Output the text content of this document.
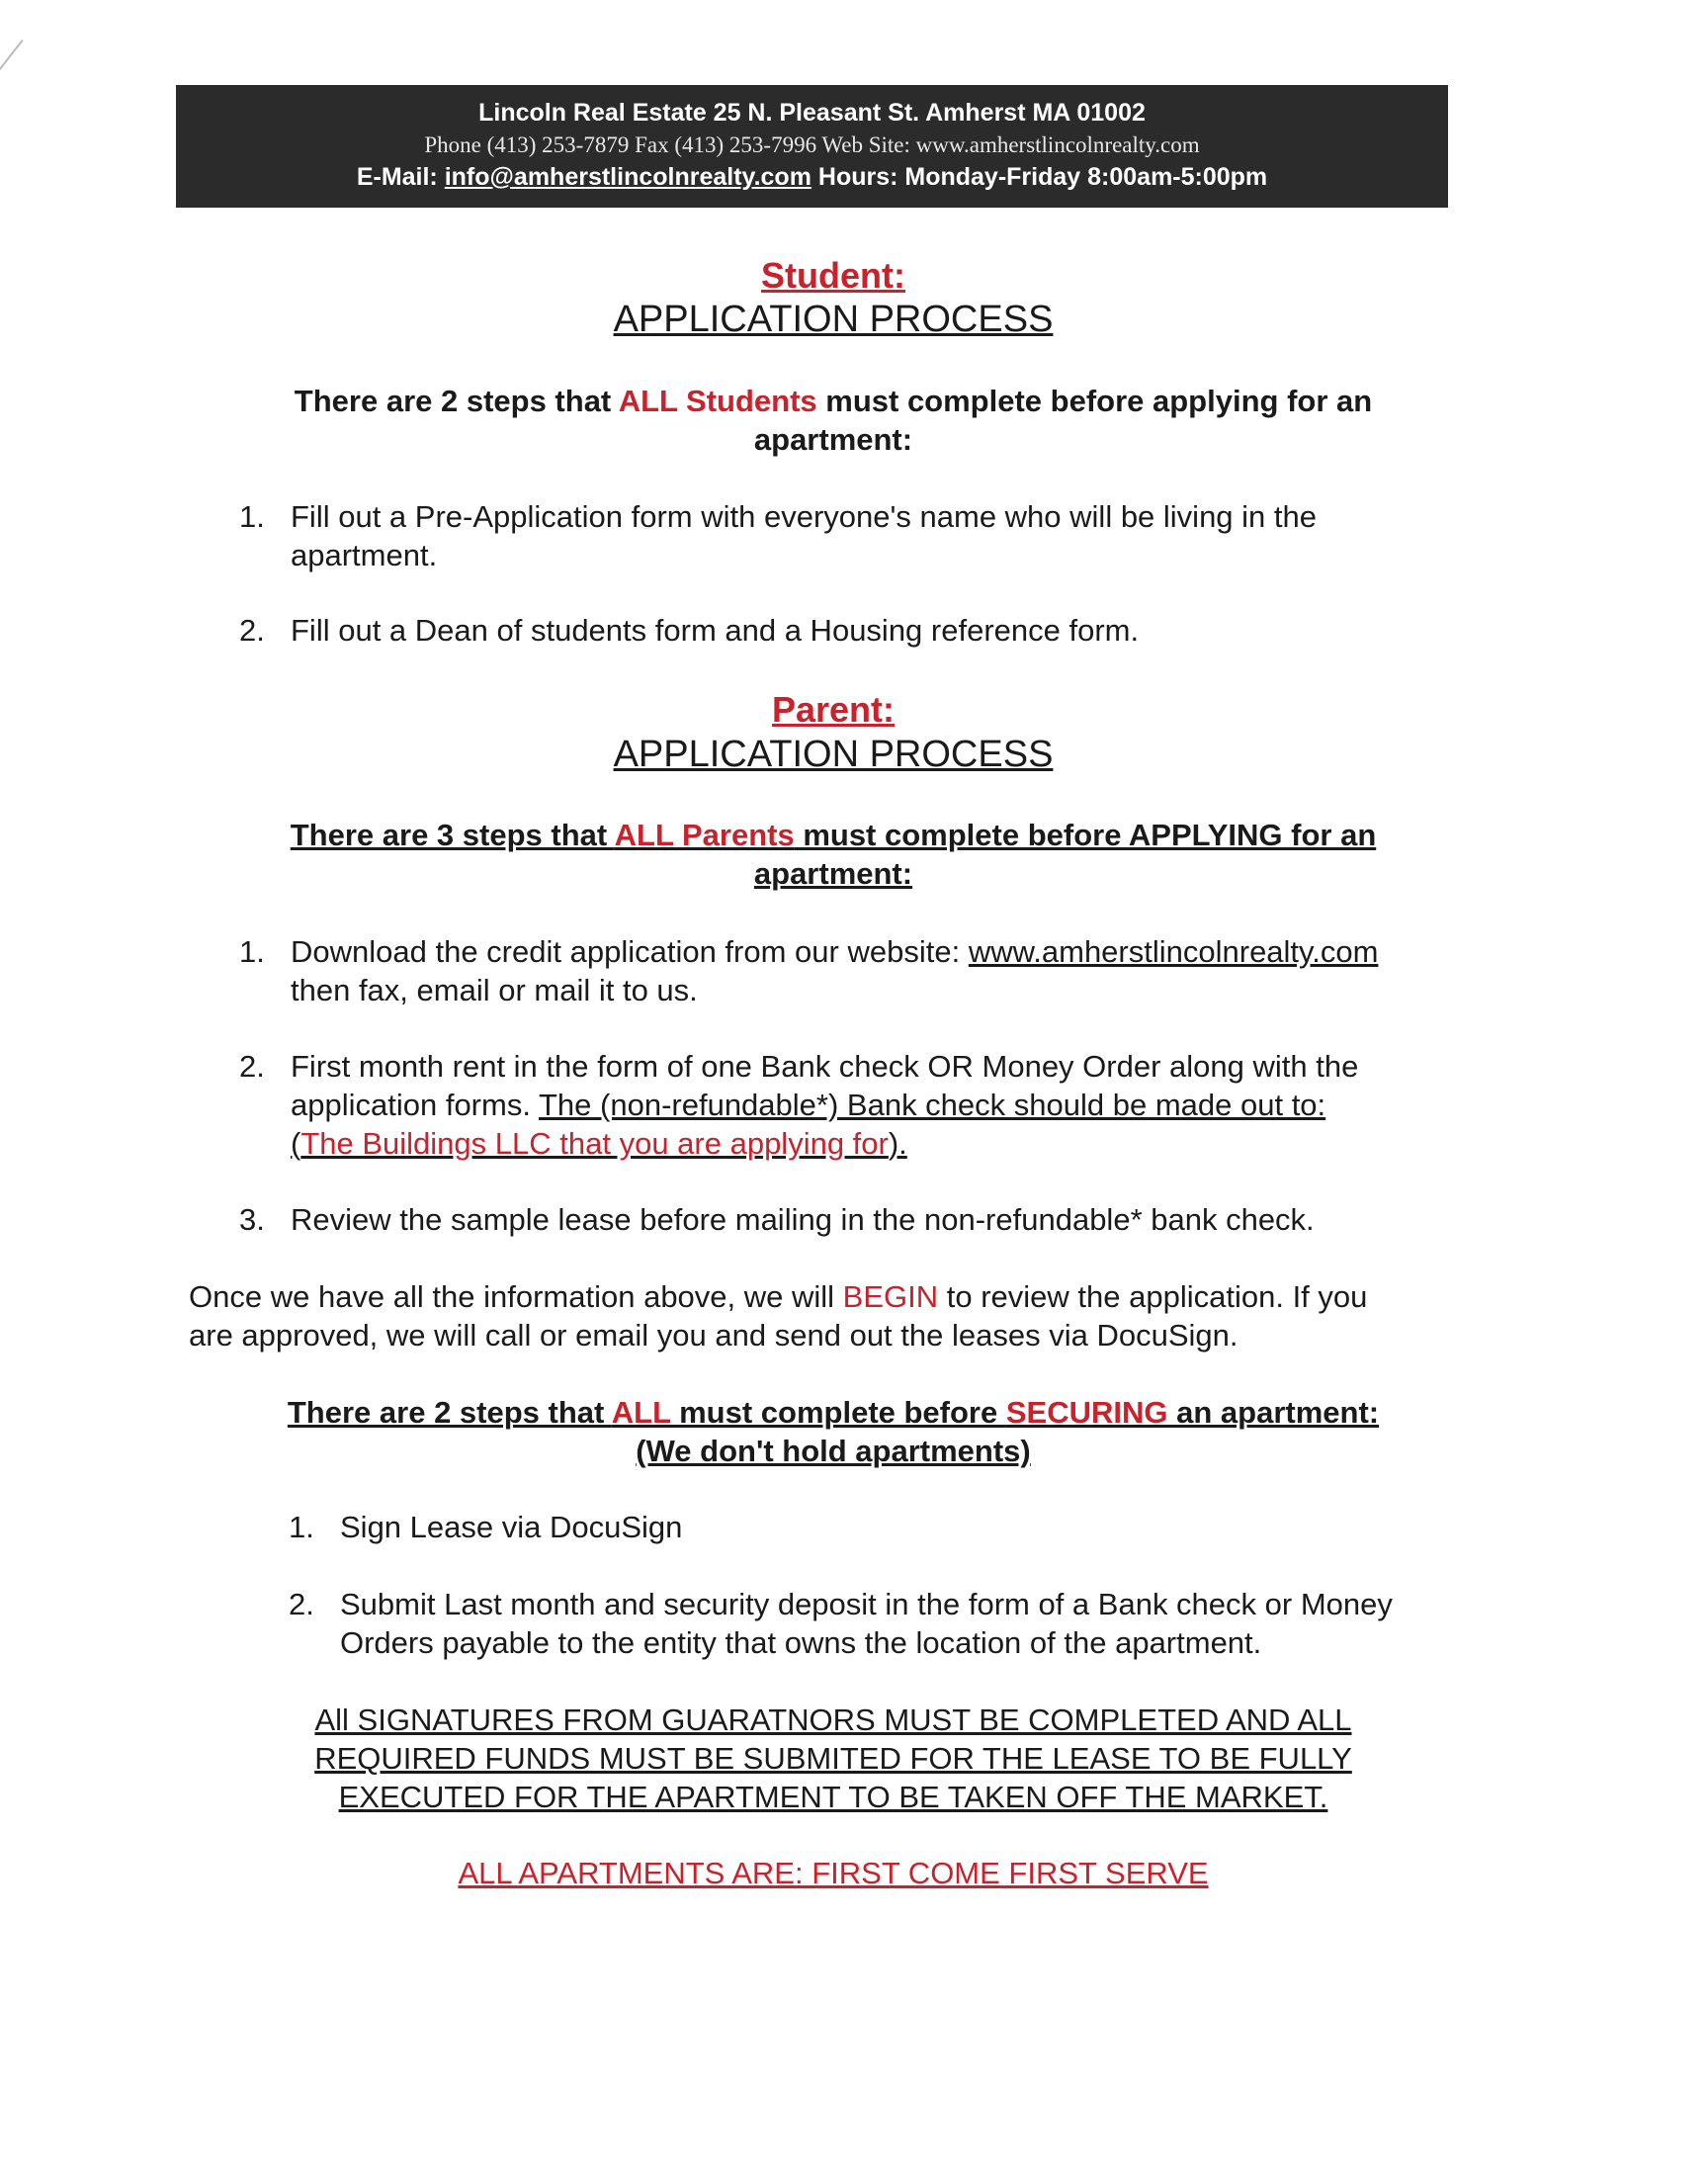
Lincoln Real Estate 25 N. Pleasant St. Amherst MA 01002
Phone (413) 253-7879 Fax (413) 253-7996 Web Site: www.amherstlincolnrealty.com
E-Mail: info@amherstlincolnrealty.com Hours: Monday-Friday 8:00am-5:00pm
Student:
APPLICATION PROCESS
There are 2 steps that ALL Students must complete before applying for an
apartment:
1. Fill out a Pre-Application form with everyone's name who will be living in the
apartment.
2. Fill out a Dean of students form and a Housing reference form.
Parent:
APPLICATION PROCESS
There are 3 steps that ALL Parents must complete before APPLYING for an
apartment:
1. Download the credit application from our website: www.amherstlincolnrealty.com
then fax, email or mail it to us.
2. First month rent in the form of one Bank check OR Money Order along with the
application forms. The (non-refundable*) Bank check should be made out to:
(The Buildings LLC that you are applying for).
3. Review the sample lease before mailing in the non-refundable* bank check.
Once we have all the information above, we will BEGIN to review the application. If you
are approved, we will call or email you and send out the leases via DocuSign.
There are 2 steps that ALL must complete before SECURING an apartment:
(We don't hold apartments)
1. Sign Lease via DocuSign
2. Submit Last month and security deposit in the form of a Bank check or Money
Orders payable to the entity that owns the location of the apartment.
All SIGNATURES FROM GUARATNORS MUST BE COMPLETED AND ALL
REQUIRED FUNDS MUST BE SUBMITED FOR THE LEASE TO BE FULLY
EXECUTED FOR THE APARTMENT TO BE TAKEN OFF THE MARKET.
ALL APARTMENTS ARE: FIRST COME FIRST SERVE
